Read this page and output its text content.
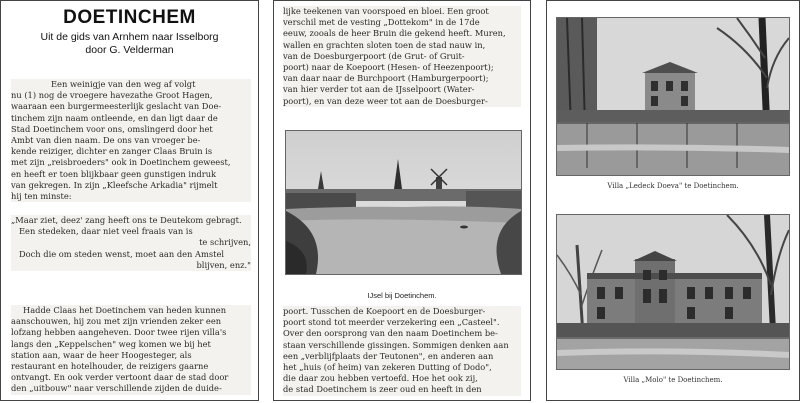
DOETINCHEM
Uit de gids van Arnhem naar Isselborg
door G. Velderman
Een weinigje van den weg af volgt
nu (1) nog de vroegere havezathe Groot Hagen,
waaraan een burgermeesterlijk geslacht van Doe-
tinchem zijn naam ontleende, en dan ligt daar de
Stad Doetinchem voor ons, omslingerd door het
Ambt van dien naam. De ons van vroeger be-
kende reiziger, dichter en zanger Claas Bruin is
met zijn „reisbroeders" ook in Doetinchem geweest,
en heeft er toen blijkbaar geen gunstigen indruk
van gekregen. In zijn „Kleefsche Arkadia" rijmelt
hij ten minste:
„Maar ziet, deez' zang heeft ons te Deutekom gebragt.
Een stedeken, daar niet veel fraais van is
te schrijven,
Doch die om steden wenst, moet aan den Amstel
blijven, enz."
Hadde Claas het Doetinchem van heden kunnen
aanschouwen, hij zou met zijn vrienden zeker een
lofzang hebben aangeheven. Door twee rijen villa's
langs den „Keppelschen" weg komen we bij het
station aan, waar de heer Hoogesteger, als
restaurant en hotelhouder, de reizigers gaarne
ontvangt. En ook verder vertoont daar de stad door
den „uitbouw" naar verschillende zijden de duide-
lijke teekenen van voorspoed en bloei. Een groot
verschil met de vesting „Dottekom" in de 17de
eeuw, zooals de heer Bruin die gekend heeft. Muren,
wallen en grachten sloten toen de stad nauw in,
van de Doesburgerpoort (de Grut- of Gruit-
poort) naar de Koepoort (Hesen- of Heezenpoort);
van daar naar de Burchpoort (Hamburgerpoort);
van hier verder tot aan de IJsselpoort (Water-
poort), en van deze weer tot aan de Doesburger-
IJsel bij Doetinchem.
poort. Tusschen de Koepoort en de Doesburger-
poort stond tot meerder verzekering een „Casteel".
Over den oorsprong van den naam Doetinchem be-
staan verschillende gissingen. Sommigen denken aan
een „verblijfplaats der Teutonen", en anderen aan
het „huis (of heim) van zekeren Dutting of Dodo",
die daar zou hebben vertoefd. Hoe het ook zij,
de stad Doetinchem is zeer oud en heeft in den
Villa „Ledeck Doeva" te Doetinchem.
Villa „Molo" te Doetinchem.
